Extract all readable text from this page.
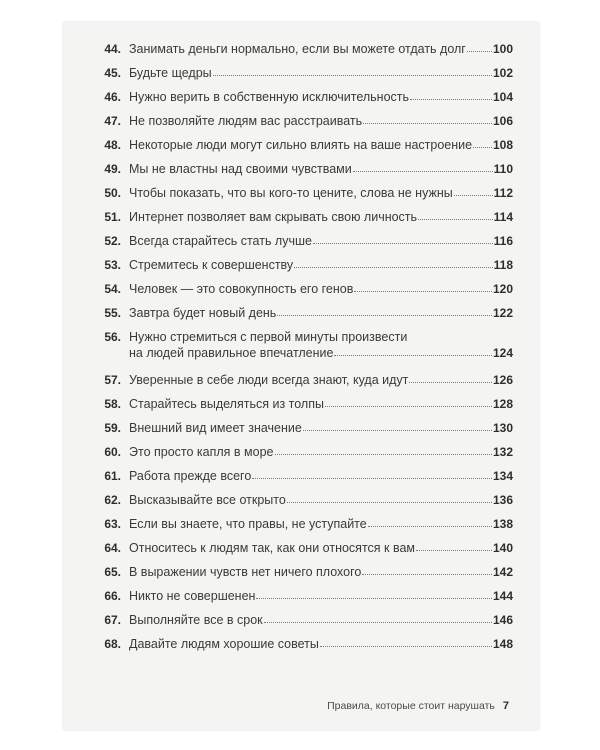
44. Занимать деньги нормально, если вы можете отдать долг 100
45. Будьте щедры	102
46. Нужно верить в собственную исключительность	104
47. Не позволяйте людям вас расстраивать	106
48. Некоторые люди могут сильно влиять на ваше настроение 108
49. Мы не властны над своими чувствами	110
50. Чтобы показать, что вы кого-то цените, слова не нужны	112
51. Интернет позволяет вам скрывать свою личность	114
52. Всегда старайтесь стать лучше	116
53. Стремитесь к совершенству	118
54. Человек — это совокупность его генов	120
55. Завтра будет новый день	122
56. Нужно стремиться с первой минуты произвести
на людей правильное впечатление	124
57. Уверенные в себе люди всегда знают, куда идут	126
58. Старайтесь выделяться из толпы	128
59. Внешний вид имеет значение	130
60. Это просто капля в море	132
61. Работа прежде всего	134
62. Высказывайте все открыто	136
63. Если вы знаете, что правы, не уступайте	138
64. Относитесь к людям так, как они относятся к вам	140
65. В выражении чувств нет ничего плохого	142
66. Никто не совершенен	144
67. Выполняйте все в срок	146
68. Давайте людям хорошие советы	148
Правила, которые стоит нарушать 7
